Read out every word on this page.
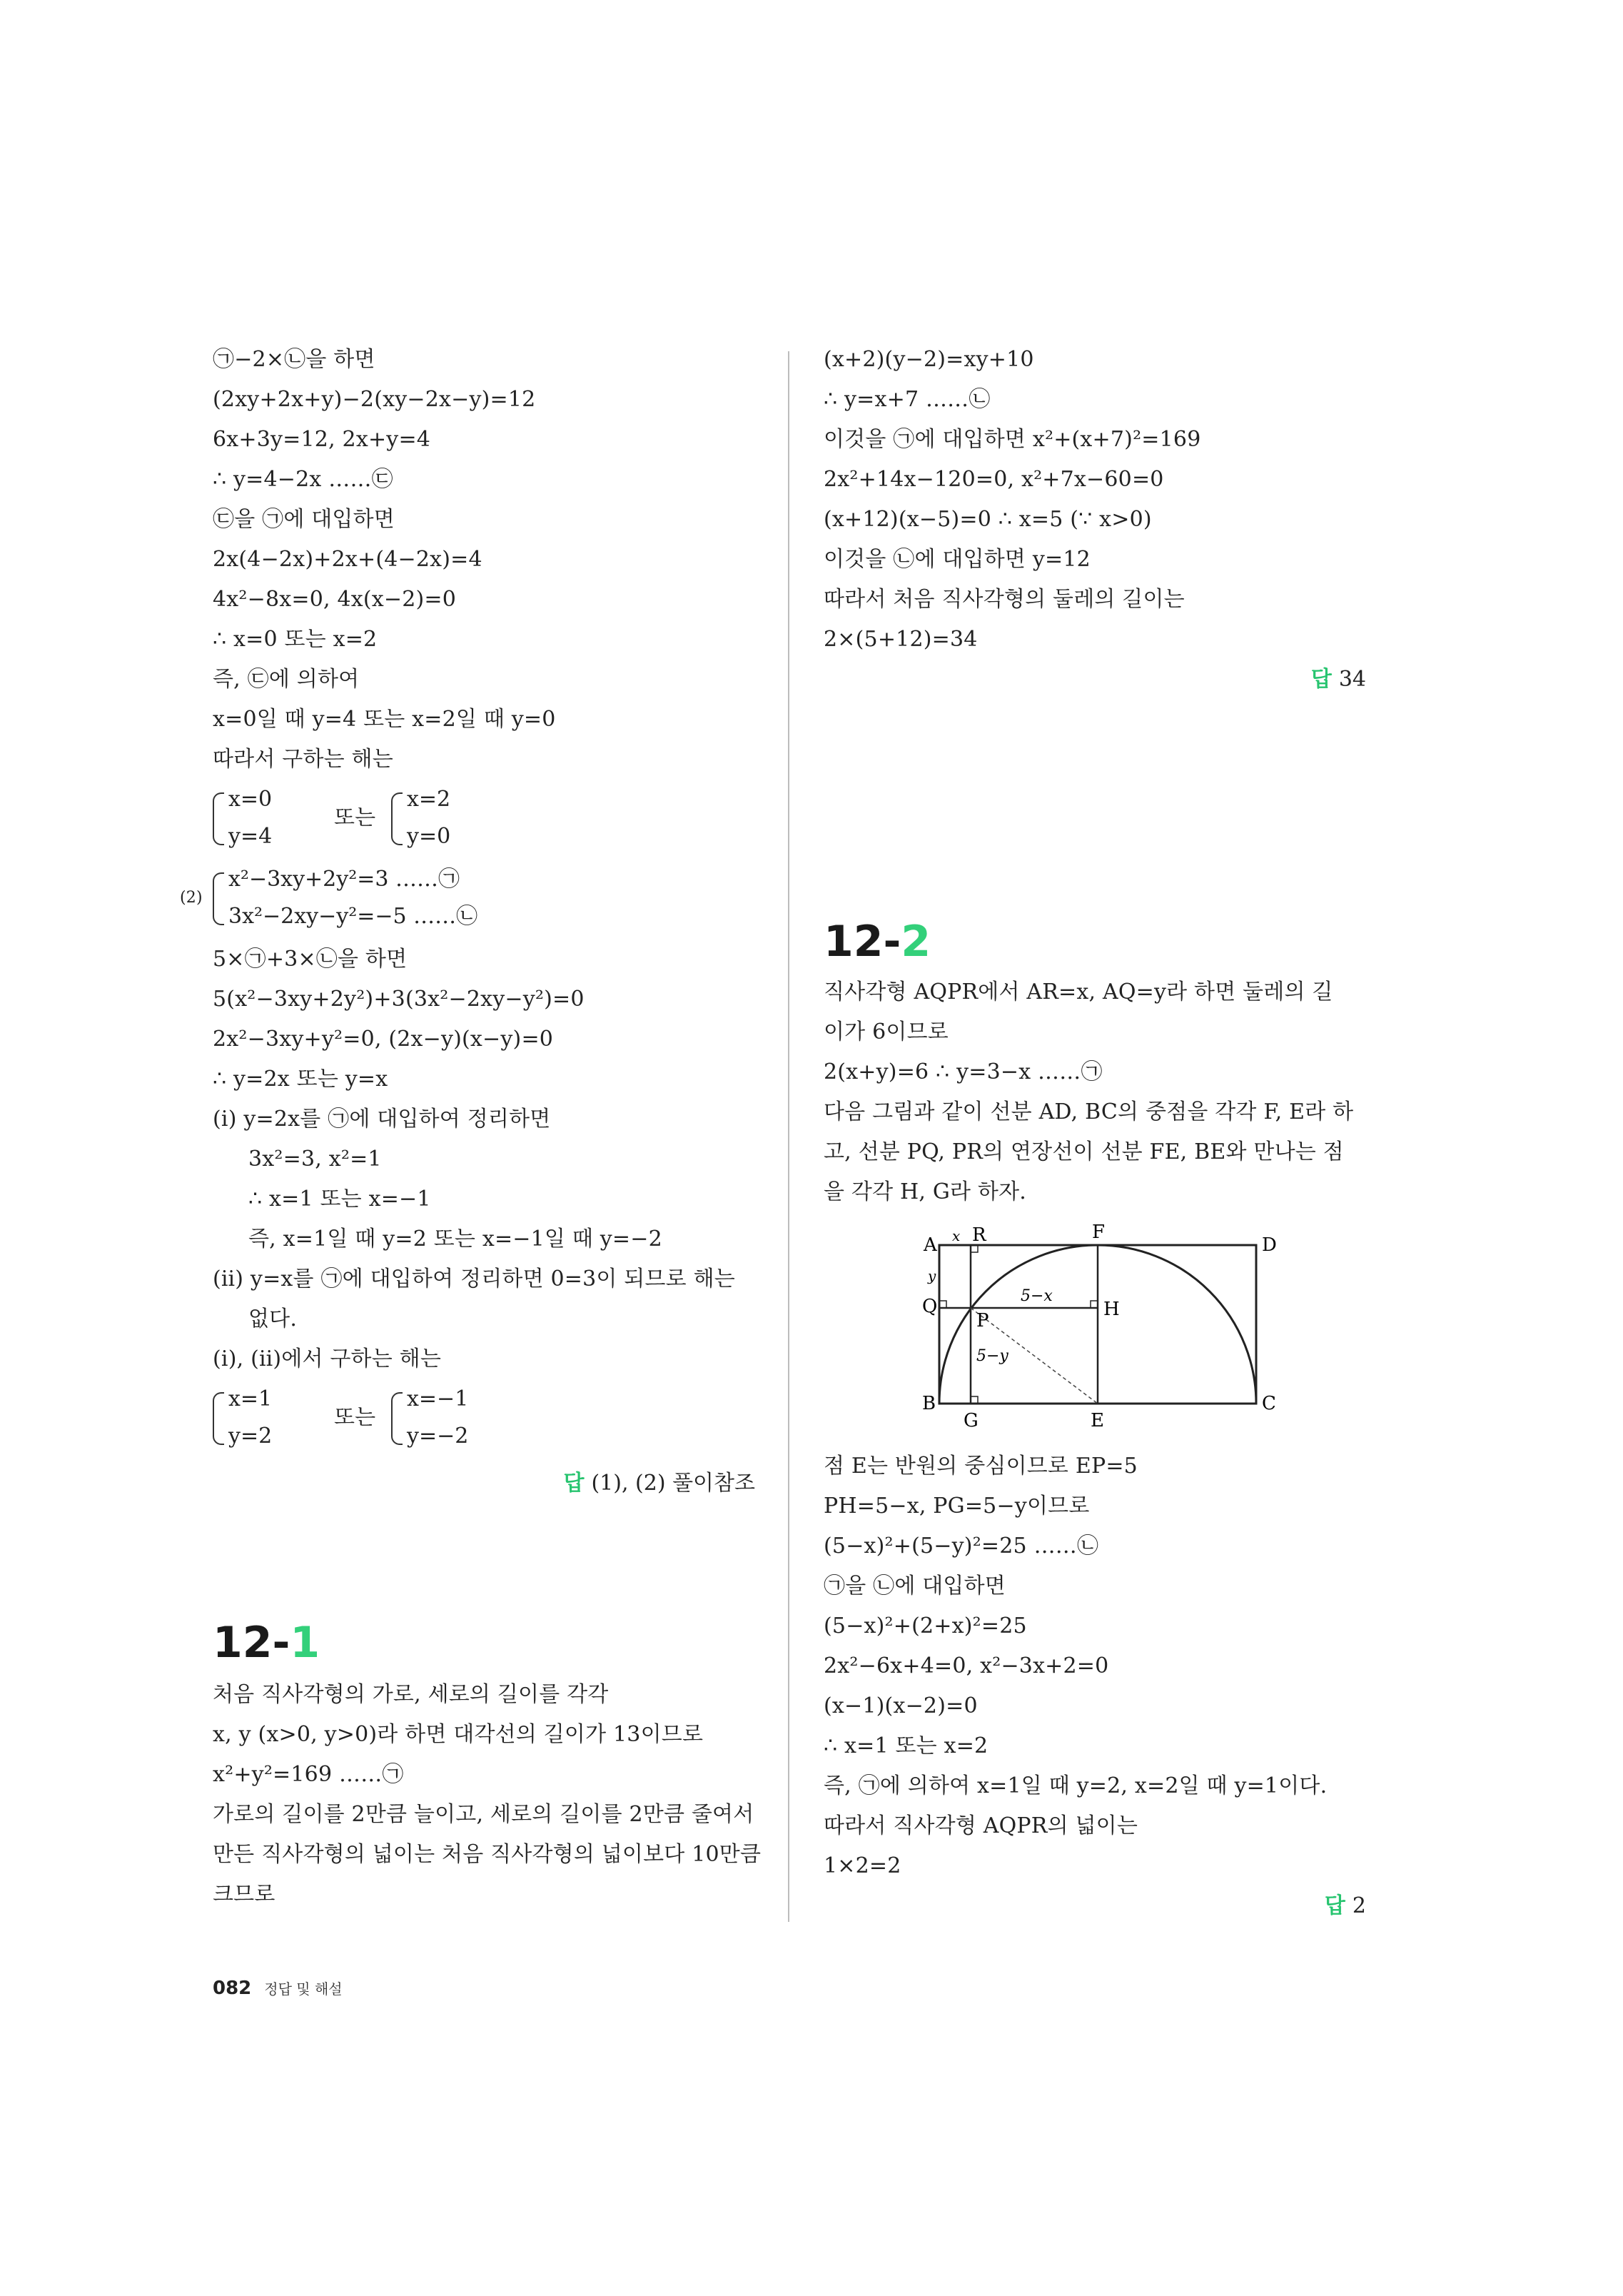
㉠−2×㉡을 하면
(2xy+2x+y)−2(xy−2x−y)=12
6x+3y=12, 2x+y=4
∴ y=4−2x ……㉢
㉢을 ㉠에 대입하면
2x(4−2x)+2x+(4−2x)=4
4x²−8x=0, 4x(x−2)=0
∴ x=0 또는 x=2
즉, ㉢에 의하여
x=0일 때 y=4 또는 x=2일 때 y=0
따라서 구하는 해는
x=0
y=4
또는
x=2
y=0
(2)
x²−3xy+2y²=3 ……㉠
3x²−2xy−y²=−5 ……㉡
5×㉠+3×㉡을 하면
5(x²−3xy+2y²)+3(3x²−2xy−y²)=0
2x²−3xy+y²=0, (2x−y)(x−y)=0
∴ y=2x 또는 y=x
(ⅰ) y=2x를 ㉠에 대입하여 정리하면
3x²=3, x²=1
∴ x=1 또는 x=−1
즉, x=1일 때 y=2 또는 x=−1일 때 y=−2
(ⅱ) y=x를 ㉠에 대입하여 정리하면 0=3이 되므로 해는
없다.
(ⅰ), (ⅱ)에서 구하는 해는
x=1
y=2
또는
x=−1
y=−2
답 (1), (2) 풀이참조
12-1
처음 직사각형의 가로, 세로의 길이를 각각
x, y (x>0, y>0)라 하면 대각선의 길이가 13이므로
x²+y²=169 ……㉠
가로의 길이를 2만큼 늘이고, 세로의 길이를 2만큼 줄여서
만든 직사각형의 넓이는 처음 직사각형의 넓이보다 10만큼
크므로
(x+2)(y−2)=xy+10
∴ y=x+7 ……㉡
이것을 ㉠에 대입하면 x²+(x+7)²=169
2x²+14x−120=0, x²+7x−60=0
(x+12)(x−5)=0 ∴ x=5 (∵ x>0)
이것을 ㉡에 대입하면 y=12
따라서 처음 직사각형의 둘레의 길이는
2×(5+12)=34
답 34
12-2
직사각형 AQPR에서 AR=x, AQ=y라 하면 둘레의 길
이가 6이므로
2(x+y)=6 ∴ y=3−x ……㉠
다음 그림과 같이 선분 AD, BC의 중점을 각각 F, E라 하
고, 선분 PQ, PR의 연장선이 선분 FE, BE와 만나는 점
을 각각 H, G라 하자.
A x R	F
D
y
Q
P
5−x
H
5−y
B
G	E
C
점 E는 반원의 중심이므로 EP=5
PH=5−x, PG=5−y이므로
(5−x)²+(5−y)²=25 ……㉡
㉠을 ㉡에 대입하면
(5−x)²+(2+x)²=25
2x²−6x+4=0, x²−3x+2=0
(x−1)(x−2)=0
∴ x=1 또는 x=2
즉, ㉠에 의하여 x=1일 때 y=2, x=2일 때 y=1이다.
따라서 직사각형 AQPR의 넓이는
1×2=2
답 2
082 정답 및 해설
